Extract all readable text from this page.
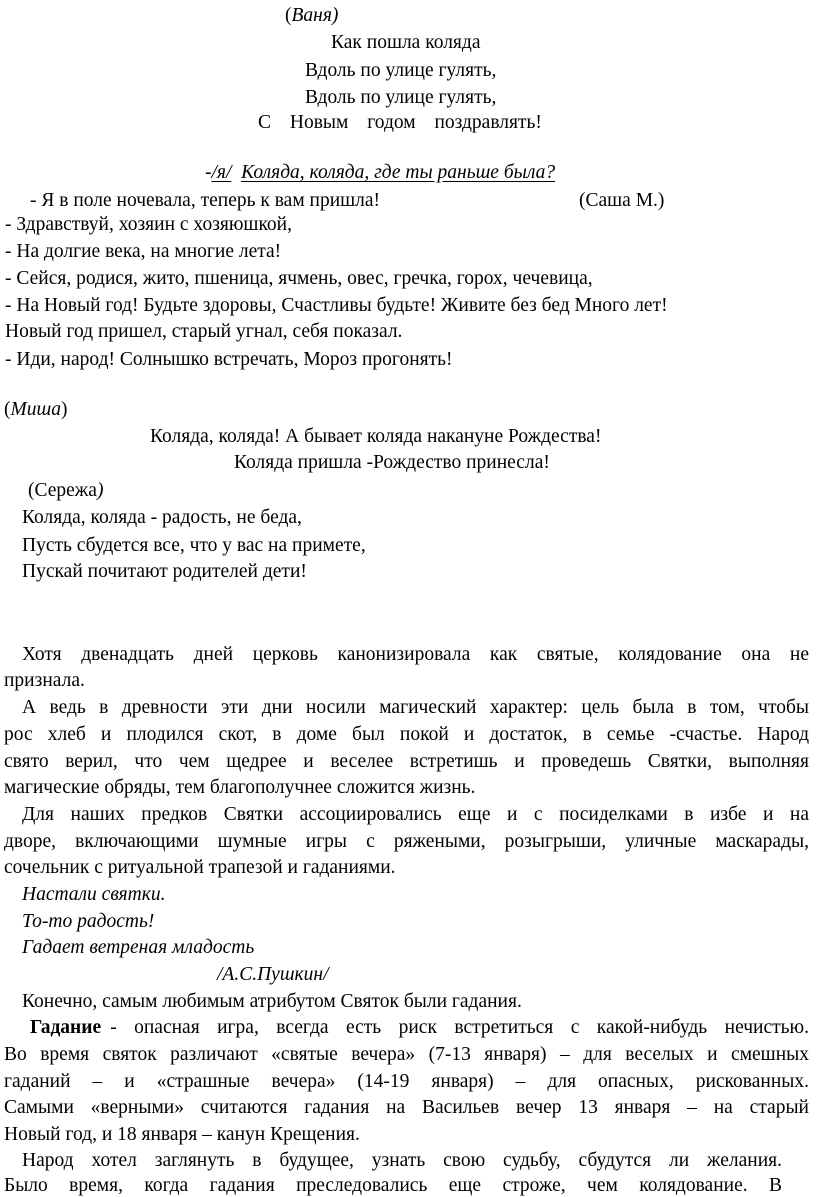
(Ваня)
Как пошла коляда
Вдоль по улице гулять,
Вдоль по улице гулять,
С Новым годом поздравлять!
-/я/ Коляда, коляда, где ты раньше была?
- Я в поле ночевала, теперь к вам пришла!	(Саша М.)
- Здравствуй, хозяин с хозяюшкой,
- На долгие века, на многие лета!
- Сейся, родися, жито, пшеница, ячмень, овес, гречка, горох, чечевица,
- На Новый год! Будьте здоровы, Счастливы будьте! Живите без бед Много лет!
Новый год пришел, старый угнал, себя показал.
- Иди, народ! Солнышко встречать, Мороз прогонять!
(Миша)
Коляда, коляда! А бывает коляда накануне Рождества!
Коляда пришла -Рождество принесла!
(Сережа)
Коляда, коляда - радость, не беда,
Пусть сбудется все, что у вас на примете,
Пускай почитают родителей дети!
Хотя двенадцать дней церковь канонизировала как святые, колядование она не
признала.
А ведь в древности эти дни носили магический характер: цель была в том, чтобы
рос хлеб и плодился скот, в доме был покой и достаток, в семье -счастье. Народ
свято верил, что чем щедрее и веселее встретишь и проведешь Святки, выполняя
магические обряды, тем благополучнее сложится жизнь.
Для наших предков Святки ассоциировались еще и с посиделками в избе и на
дворе, включающими шумные игры с ряжеными, розыгрыши, уличные маскарады,
сочельник с ритуальной трапезой и гаданиями.
Настали святки.
То-то радость!
Гадает ветреная младость
/А.С.Пушкин/
Конечно, самым любимым атрибутом Святок были гадания.
Гадание - опасная игра, всегда есть риск встретиться с какой-нибудь нечистью.
Во время святок различают «святые вечера» (7-13 января) – для веселых и смешных
гаданий – и «страшные вечера» (14-19 января) – для опасных, рискованных.
Самыми «верными» считаются гадания на Васильев вечер 13 января – на старый
Новый год, и 18 января – канун Крещения.
Народ хотел заглянуть в будущее, узнать свою судьбу, сбудутся ли желания.
Было время, когда гадания преследовались еще строже, чем колядование. В
